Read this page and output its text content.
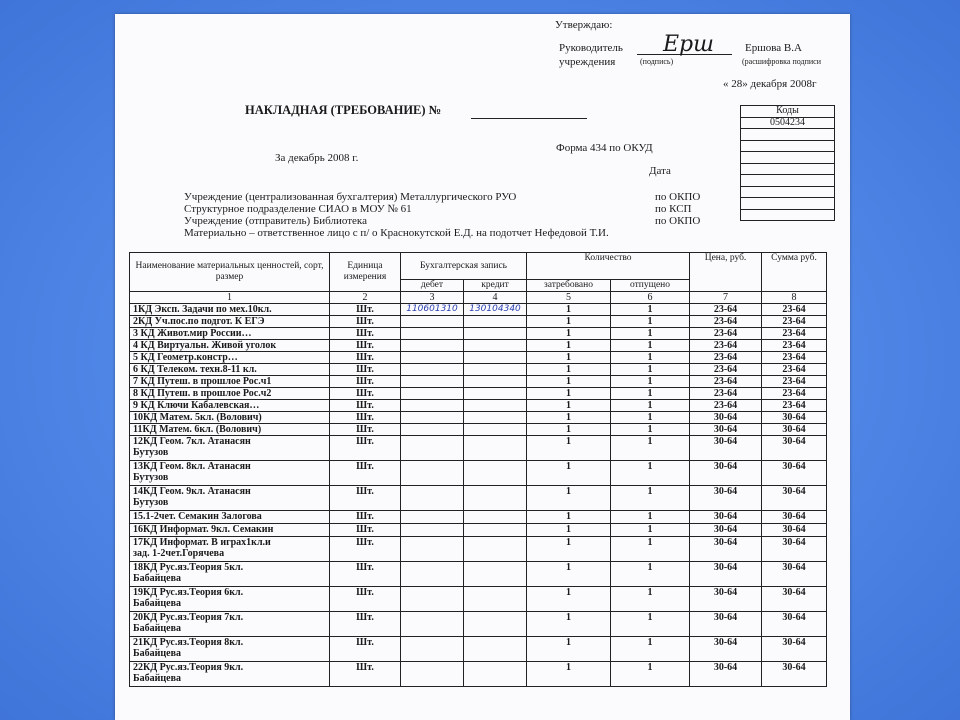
Утверждаю:
Руководитель
учреждения
Ерш
(подпись)
Ершова В.А
(расшифровка подписи
« 28» декабря 2008г
НАКЛАДНАЯ (ТРЕБОВАНИЕ) №	Коды
0504234

Форма 434 по ОКУД
За декабрь 2008 г.
Дата
Учреждение (централизованная бухгалтерия) Металлургического РУО	по ОКПО
Структурное подразделение СИАО в МОУ № 61	по КСП
Учреждение (отправитель) Библиотека	по ОКПО
Материально – ответственное лицо с п/ о Краснокутской Е.Д. на подотчет Нефедовой Т.И.
Наименование материальных ценностей, сорт, размер	Единица измерения	Бухгалтерская запись		Количество		Цена, руб.	Сумма руб.
		дебет	кредит	затребовано	отпущено		
1	2	3	4	5	6	7	8
1КД Эксп. Задачи по мех.10кл.	Шт.	110601310	130104340	1	1	23-64	23-64
2КД Уч.пос.по подгот. К ЕГЭ	Шт.			1	1	23-64	23-64
3 КД Живот.мир России…	Шт.			1	1	23-64	23-64
4 КД Виртуальн. Живой уголок	Шт.			1	1	23-64	23-64
5 КД Геометр.констр…	Шт.			1	1	23-64	23-64
6 КД Телеком. техн.8-11 кл.	Шт.			1	1	23-64	23-64
7 КД Путеш. в прошлое Рос.ч1	Шт.			1	1	23-64	23-64
8 КД Путеш. в прошлое Рос.ч2	Шт.			1	1	23-64	23-64
9 КД Ключи Кабалевская…	Шт.			1	1	23-64	23-64
10КД Матем. 5кл. (Волович)	Шт.			1	1	30-64	30-64
11КД Матем. 6кл. (Волович)	Шт.			1	1	30-64	30-64
12КД Геом. 7кл. Атанасян
Бутузов	Шт.			1	1	30-64	30-64
13КД Геом. 8кл. Атанасян
Бутузов	Шт.			1	1	30-64	30-64
14КД Геом. 9кл. Атанасян
Бутузов	Шт.			1	1	30-64	30-64
15.1-2чет. Семакин Залогова	Шт.			1	1	30-64	30-64
16КД Информат. 9кл. Семакин	Шт.			1	1	30-64	30-64
17КД Информат. В играх1кл.и
зад. 1-2чет.Горячева	Шт.			1	1	30-64	30-64
18КД Рус.яз.Теория 5кл.
Бабайцева	Шт.			1	1	30-64	30-64
19КД Рус.яз.Теория 6кл.
Бабайцева	Шт.			1	1	30-64	30-64
20КД Рус.яз.Теория 7кл.
Бабайцева	Шт.			1	1	30-64	30-64
21КД Рус.яз.Теория 8кл.
Бабайцева	Шт.			1	1	30-64	30-64
22КД Рус.яз.Теория 9кл.
Бабайцева	Шт.			1	1	30-64	30-64
